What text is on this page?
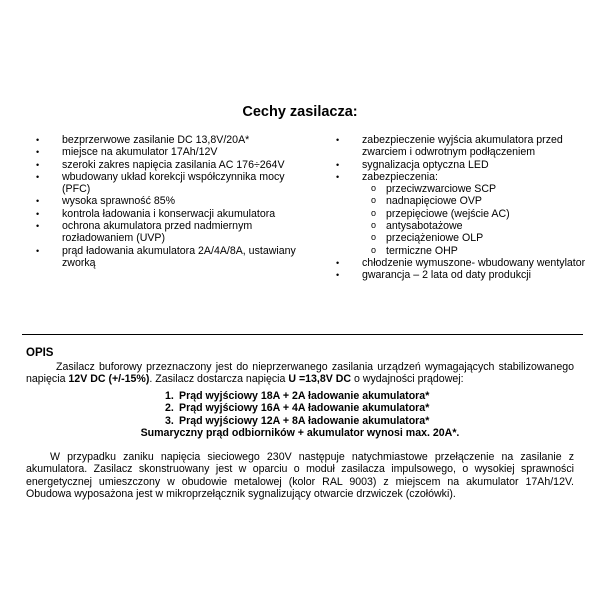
Cechy zasilacza:
• bezprzerwowe zasilanie DC 13,8V/20A*
• miejsce na akumulator 17Ah/12V
• szeroki zakres napięcia zasilania AC 176÷264V
• wbudowany układ korekcji współczynnika mocy (PFC)
• wysoka sprawność 85%
• kontrola ładowania i konserwacji akumulatora
• ochrona akumulatora przed nadmiernym rozładowaniem (UVP)
• prąd ładowania akumulatora 2A/4A/8A, ustawiany zworką
• zabezpieczenie wyjścia akumulatora przed zwarciem i odwrotnym podłączeniem
• sygnalizacja optyczna LED
• zabezpieczenia:
o przeciwzwarciowe SCP
o nadnapięciowe OVP
o przepięciowe (wejście AC)
o antysabotażowe
o przeciążeniowe OLP
o termiczne OHP
• chłodzenie wymuszone- wbudowany wentylator
• gwarancja – 2 lata od daty produkcji
OPIS
Zasilacz buforowy przeznaczony jest do nieprzerwanego zasilania urządzeń wymagających stabilizowanego napięcia 12V DC (+/-15%). Zasilacz dostarcza napięcia U =13,8V DC o wydajności prądowej:
1. Prąd wyjściowy 18A + 2A ładowanie akumulatora*
2. Prąd wyjściowy 16A + 4A ładowanie akumulatora*
3. Prąd wyjściowy 12A + 8A ładowanie akumulatora*
Sumaryczny prąd odbiorników + akumulator wynosi max. 20A*.
W przypadku zaniku napięcia sieciowego 230V następuje natychmiastowe przełączenie na zasilanie z akumulatora. Zasilacz skonstruowany jest w oparciu o moduł zasilacza impulsowego, o wysokiej sprawności energetycznej umieszczony w obudowie metalowej (kolor RAL 9003) z miejscem na akumulator 17Ah/12V. Obudowa wyposażona jest w mikroprzełącznik sygnalizujący otwarcie drzwiczek (czołówki).
